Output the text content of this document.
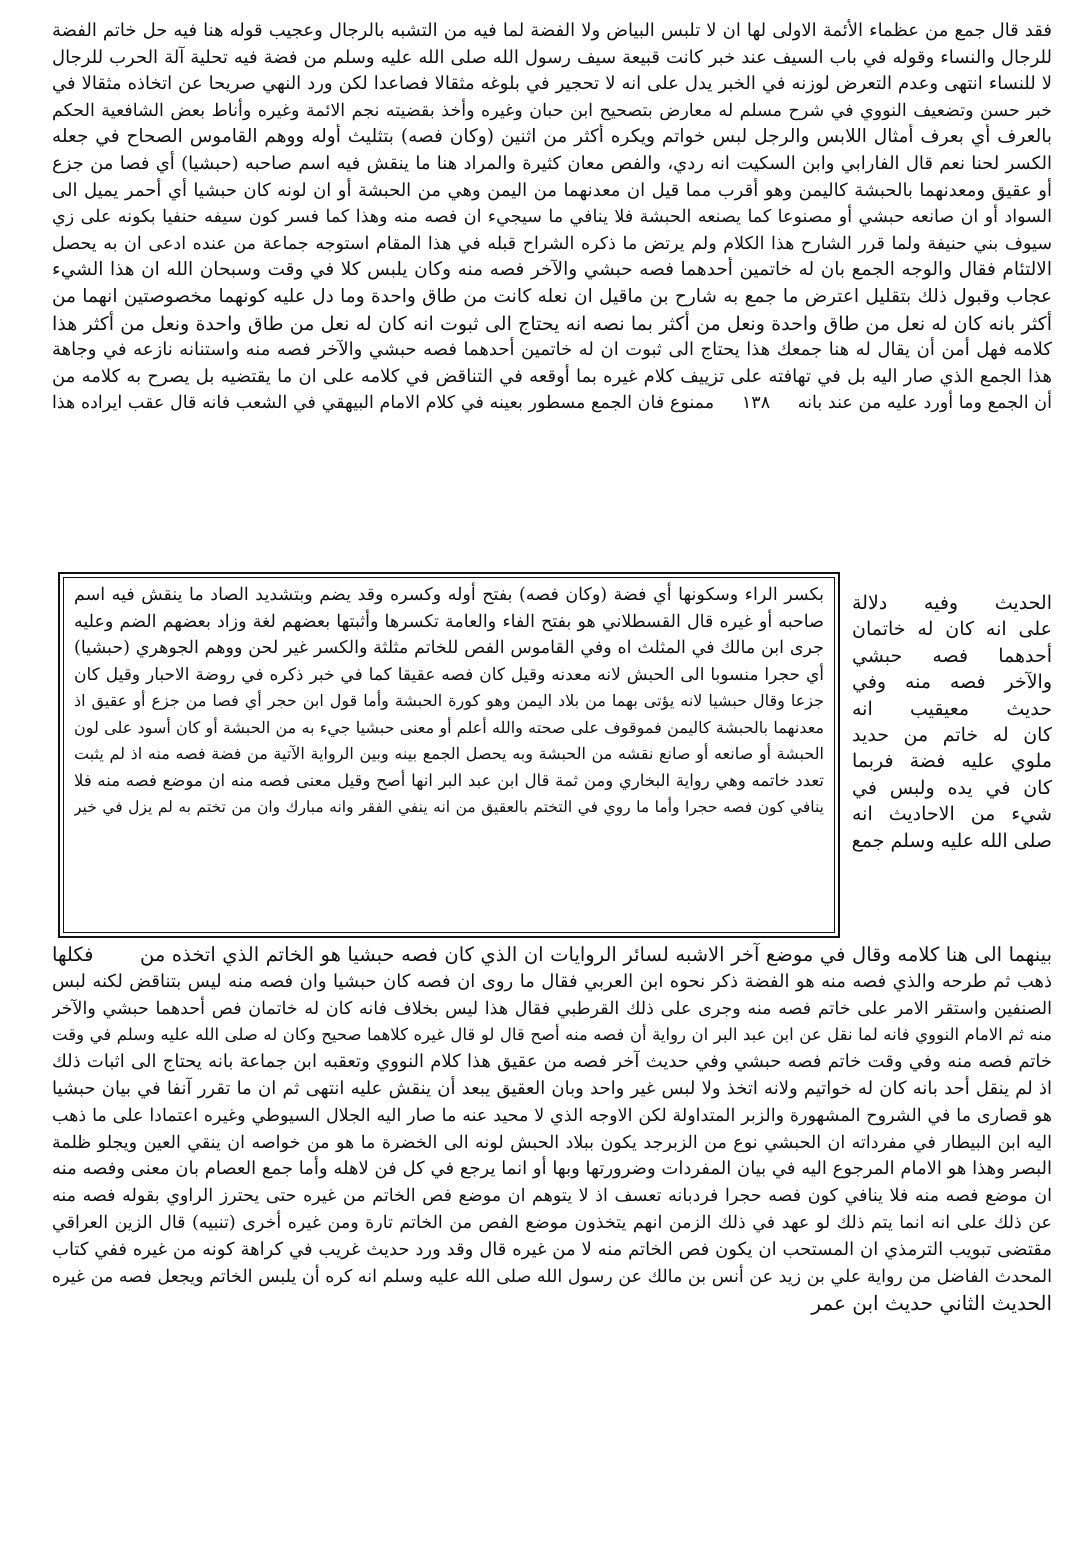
فقد قال جمع من عظماء الأئمة الاولى لها ان لا تلبس البياض ولا الفضة لما فيه من التشبه بالرجال وعجيب قوله هنا فيه حل خاتم الفضة
للرجال والنساء وقوله في باب السيف عند خبر كانت قبيعة سيف رسول الله صلى الله عليه وسلم من فضة فيه تحلية آلة الحرب للرجال
لا للنساء انتهى وعدم التعرض لوزنه في الخبر يدل على انه لا تحجير في بلوغه مثقالا فصاعدا لكن ورد النهي صريحا عن اتخاذه مثقالا في
خبر حسن وتضعيف النووي في شرح مسلم له معارض بتصحيح ابن حبان وغيره وأخذ بقضيته نجم الائمة وغيره وأناط بعض الشافعية الحكم
بالعرف أي بعرف أمثال اللابس والرجل لبس خواتم ويكره أكثر من اثنين (وكان فصه) بتثليث أوله ووهم القاموس الصحاح في جعله
الكسر لحنا نعم قال الفارابي وابن السكيت انه ردي، والفص معان كثيرة والمراد هنا ما ينقش فيه اسم صاحبه (حبشيا) أي فصا من جزع
أو عقيق ومعدنهما بالحبشة كاليمن وهو أقرب مما قيل ان معدنهما من اليمن وهي من الحبشة أو ان لونه كان حبشيا أي أحمر يميل الى
السواد أو ان صانعه حبشي أو مصنوعا كما يصنعه الحبشة فلا ينافي ما سيجيء ان فصه منه وهذا كما فسر كون سيفه حنفيا بكونه على زي
سيوف بني حنيفة ولما قرر الشارح هذا الكلام ولم يرتض ما ذكره الشراح قبله في هذا المقام استوجه جماعة من عنده ادعى ان به يحصل
الالتئام فقال والوجه الجمع بان له خاتمين أحدهما فصه حبشي والآخر فصه منه وكان يلبس كلا في وقت وسبحان الله ان هذا الشيء
عجاب وقبول ذلك بتقليل اعترض ما جمع به شارح بن ماقيل ان نعله كانت من طاق واحدة وما دل عليه كونهما مخصوصتين انهما من
أكثر بانه كان له نعل من طاق واحدة ونعل من أكثر بما نصه انه يحتاج الى ثبوت انه كان له نعل من طاق واحدة ونعل من أكثر هذا
كلامه فهل أمن أن يقال له هنا جمعك هذا يحتاج الى ثبوت ان له خاتمين أحدهما فصه حبشي والآخر فصه منه واستنانه نازعه في وجاهة
هذا الجمع الذي صار اليه بل في تهافته على تزييف كلام غيره بما أوقعه في التناقض في كلامه على ان ما يقتضيه بل يصرح به كلامه من
أن الجمع وما أورد عليه من عند بانه ١٣٨ ممنوع فان الجمع مسطور بعينه في كلام الامام البيهقي في الشعب فانه قال عقب ايراده هذا
الحديث وفيه دلالة
على انه كان له خاتمان
أحدهما فصه حبشي
والآخر فصه منه وفي
حديث معيقيب انه
كان له خاتم من حديد
ملوي عليه فضة فربما
كان في يده ولبس في
شيء من الاحاديث انه
صلى الله عليه وسلم جمع
بكسر الراء وسكونها أي فضة (وكان فصه) بفتح أوله وكسره وقد يضم وبتشديد الصاد ما ينقش فيه اسم
صاحبه أو غيره قال القسطلاني هو بفتح الفاء والعامة تكسرها وأثبتها بعضهم لغة وزاد بعضهم الضم وعليه
جرى ابن مالك في المثلث اه وفي القاموس الفص للخاتم مثلثة والكسر غير لحن ووهم الجوهري (حبشيا)
أي حجرا منسوبا الى الحبش لانه معدنه وقيل كان فصه عقيقا كما في خبر ذكره في روضة الاحبار وقيل كان
جزعا وقال حبشيا لانه يؤتى بهما من بلاد اليمن وهو كورة الحبشة وأما قول ابن حجر أي فصا من جزع أو عقيق اذ
معدنهما بالحبشة كاليمن فموقوف على صحته والله أعلم أو معنى حبشيا جيء به من الحبشة أو كان أسود على لون
الحبشة أو صانعه أو صانع نقشه من الحبشة وبه يحصل الجمع بينه وبين الرواية الآتية من فضة فصه منه اذ لم يثبت
تعدد خاتمه وهي رواية البخاري ومن ثمة قال ابن عبد البر انها أصح وقيل معنى فصه منه ان موضع فصه منه فلا
ينافي كون فصه حجرا وأما ما روي في التختم بالعقيق من انه ينفي الفقر وانه مبارك وان من تختم به لم يزل في خير
بينهما الى هنا كلامه وقال في موضع آخر الاشبه لسائر الروايات ان الذي كان فصه حبشيا هو الخاتم الذي اتخذه من فكلها
ذهب ثم طرحه والذي فصه منه هو الفضة ذكر نحوه ابن العربي فقال ما روى ان فصه كان حبشيا وان فصه منه ليس بتناقض لكنه لبس
الصنفين واستقر الامر على خاتم فصه منه وجرى على ذلك القرطبي فقال هذا ليس بخلاف فانه كان له خاتمان فص أحدهما حبشي والآخر
منه ثم الامام النووي فانه لما نقل عن ابن عبد البر ان رواية أن فصه منه أصح قال لو قال غيره كلاهما صحيح وكان له صلى الله عليه وسلم في وقت
خاتم فصه منه وفي وقت خاتم فصه حبشي وفي حديث آخر فصه من عقيق هذا كلام النووي وتعقبه ابن جماعة بانه يحتاج الى اثبات ذلك
اذ لم ينقل أحد بانه كان له خواتيم ولانه اتخذ ولا لبس غير واحد وبان العقيق يبعد أن ينقش عليه انتهى ثم ان ما تقرر آنفا في بيان حبشيا
هو قصارى ما في الشروح المشهورة والزبر المتداولة لكن الاوجه الذي لا محيد عنه ما صار اليه الجلال السيوطي وغيره اعتمادا على ما ذهب
اليه ابن البيطار في مفرداته ان الحبشي نوع من الزبرجد يكون ببلاد الحبش لونه الى الخضرة ما هو من خواصه ان ينقي العين ويجلو ظلمة
البصر وهذا هو الامام المرجوع اليه في بيان المفردات وضرورتها وبها أو انما يرجع في كل فن لاهله وأما جمع العصام بان معنى وفصه منه
ان موضع فصه منه فلا ينافي كون فصه حجرا فردبانه تعسف اذ لا يتوهم ان موضع فص الخاتم من غيره حتى يحترز الراوي بقوله فصه منه
عن ذلك على انه انما يتم ذلك لو عهد في ذلك الزمن انهم يتخذون موضع الفص من الخاتم تارة ومن غيره أخرى (تنبيه) قال الزين العراقي
مقتضى تبويب الترمذي ان المستحب ان يكون فص الخاتم منه لا من غيره قال وقد ورد حديث غريب في كراهة كونه من غيره ففي كتاب
المحدث الفاضل من رواية علي بن زيد عن أنس بن مالك عن رسول الله صلى الله عليه وسلم انه كره أن يلبس الخاتم ويجعل فصه من غيره
الحديث الثاني حديث ابن عمر
